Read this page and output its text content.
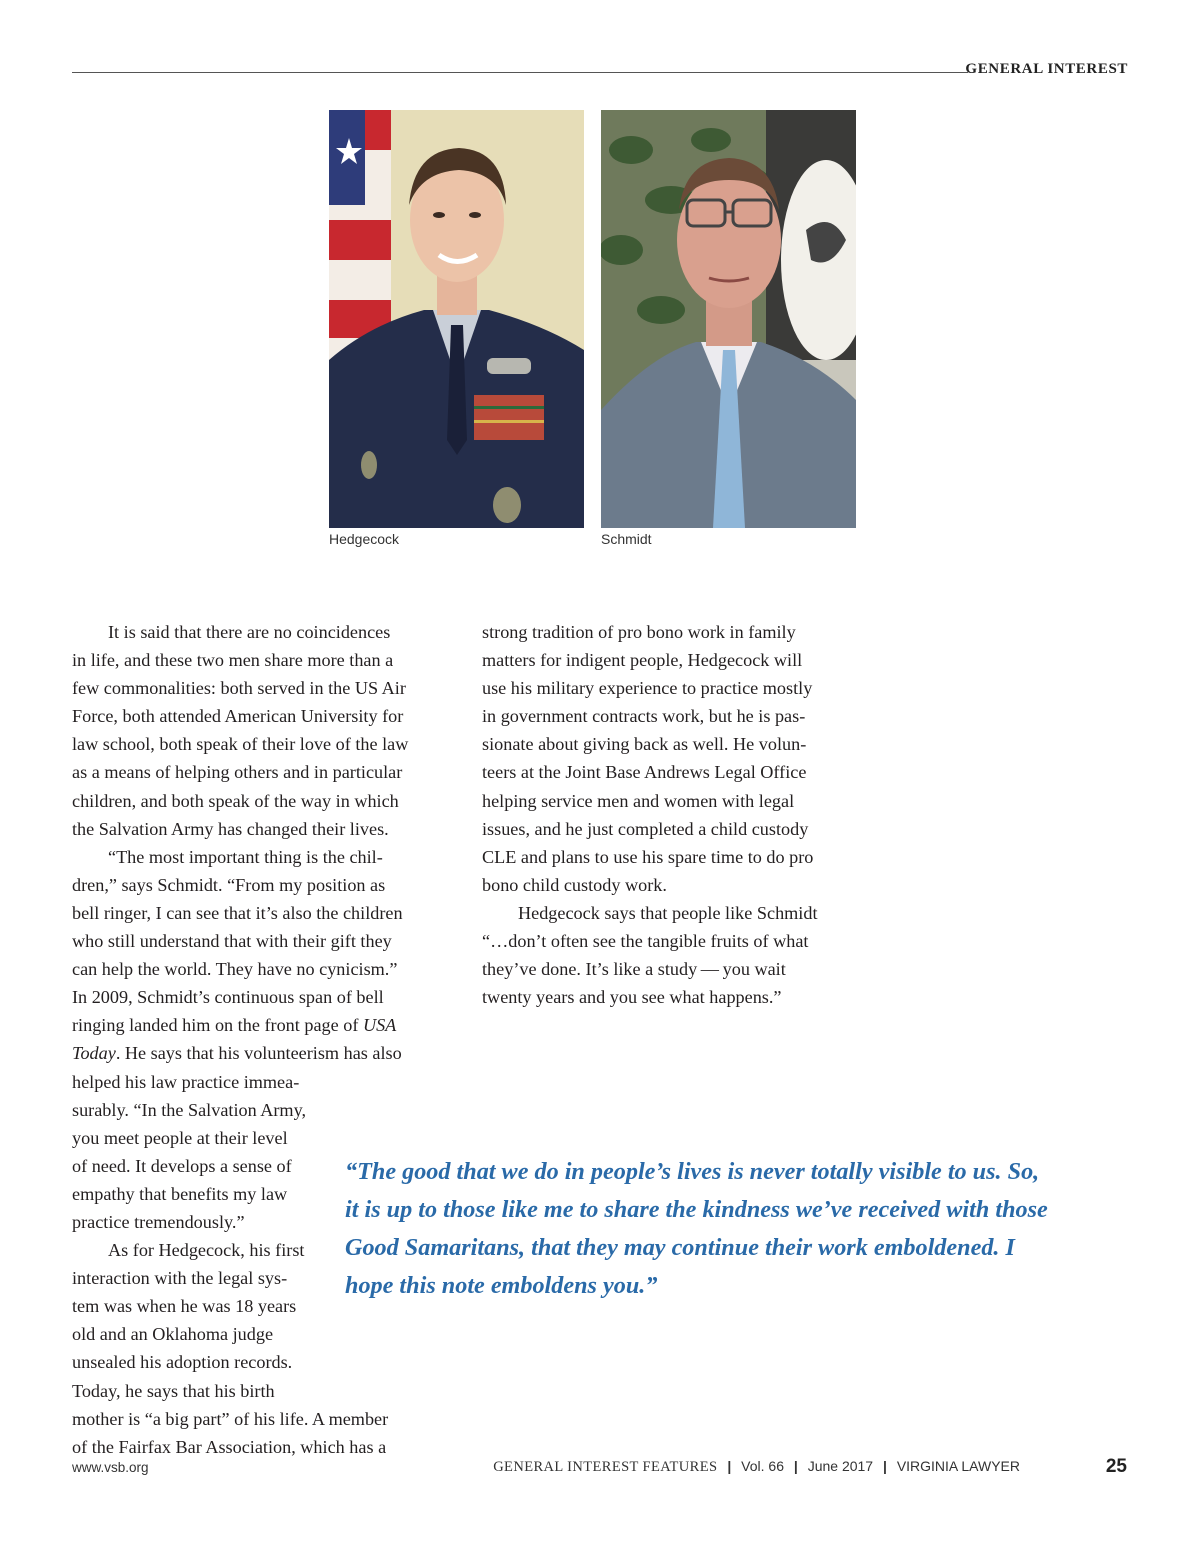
GENERAL INTEREST
Hedgecock	Schmidt
It is said that there are no coincidences
in life, and these two men share more than a
few commonalities: both served in the US Air
Force, both attended American University for
law school, both speak of their love of the law
as a means of helping others and in particular
children, and both speak of the way in which
the Salvation Army has changed their lives.
“The most important thing is the chil-
dren,” says Schmidt. “From my position as
bell ringer, I can see that it’s also the children
who still understand that with their gift they
can help the world. They have no cynicism.”
In 2009, Schmidt’s continuous span of bell
ringing landed him on the front page of USA
Today. He says that his volunteerism has also
helped his law practice immea-
surably. “In the Salvation Army,
you meet people at their level
of need. It develops a sense of
empathy that benefits my law
practice tremendously.”
As for Hedgecock, his first
interaction with the legal sys-
tem was when he was 18 years
old and an Oklahoma judge
unsealed his adoption records.
Today, he says that his birth
mother is “a big part” of his life. A member
of the Fairfax Bar Association, which has a
strong tradition of pro bono work in family
matters for indigent people, Hedgecock will
use his military experience to practice mostly
in government contracts work, but he is pas-
sionate about giving back as well. He volun-
teers at the Joint Base Andrews Legal Office
helping service men and women with legal
issues, and he just completed a child custody
CLE and plans to use his spare time to do pro
bono child custody work.
Hedgecock says that people like Schmidt
“…don’t often see the tangible fruits of what
they’ve done. It’s like a study — you wait
twenty years and you see what happens.”
“The good that we do in people’s lives is never totally visible to us. So,
it is up to those like me to share the kindness we’ve received with those
Good Samaritans, that they may continue their work emboldened. I
hope this note emboldens you.”
www.vsb.org	GENERAL INTEREST FEATURES | Vol. 66 | June 2017 | VIRGINIA LAWYER	25
